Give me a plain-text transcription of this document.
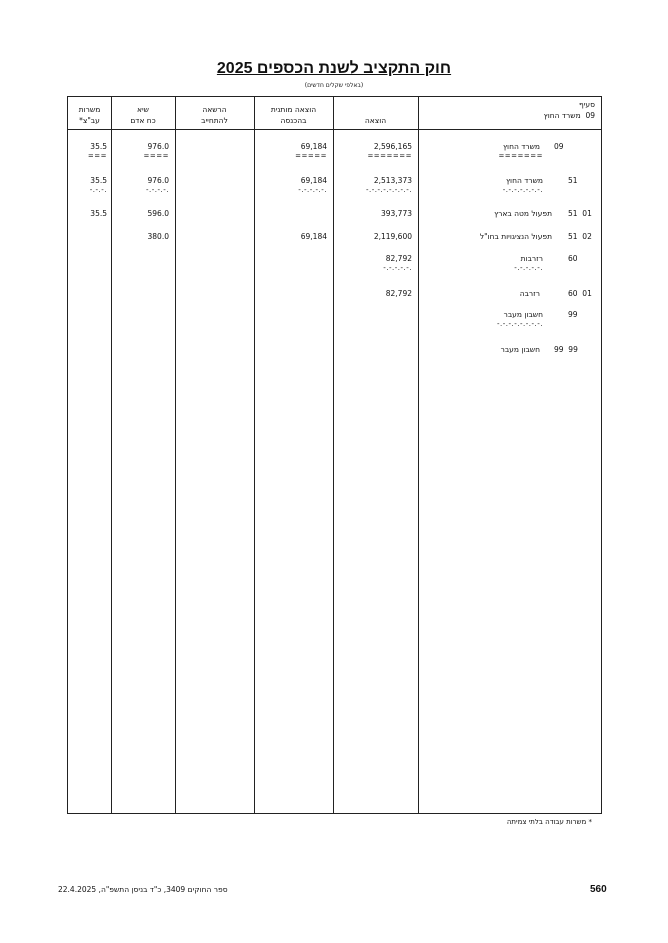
חוק התקציב לשנת הכספים 2025
(באלפי שקלים חדשים)
משרות
עב"צ*
שיא
כח אדם
הרשאה
להתחייב
הוצאה מותנית
בהכנסה	הוצאה
סעיף
09  משרד החוץ
09
משרד החוץ
=======
2,596,165
=======
69,184
=====
976.0
====
35.5
===
51
משרד החוץ
-.-.-.-.-.-.-.
2,513,373
-.-.-.-.-.-.-.-.
69,184
-.-.-.-.-.
976.0
-.-.-.-.
35.5
-.-.-.
51  01
תפעול מטה בארץ
393,773
596.0
35.5
51  02
תפעול הנציגויות בחו"ל
2,119,600
69,184
380.0
60
רזרבות
-.-.-.-.-.
82,792
-.-.-.-.-.
60  01
רזרבה
82,792
99
חשבון מעבר
-.-.-.-.-.-.-.-.
99  99
חשבון מעבר
* משרות עבודה בלתי צמיתה
560
ספר החוקים 3409, כ"ד בניסן התשפ"ה, 22.4.2025
